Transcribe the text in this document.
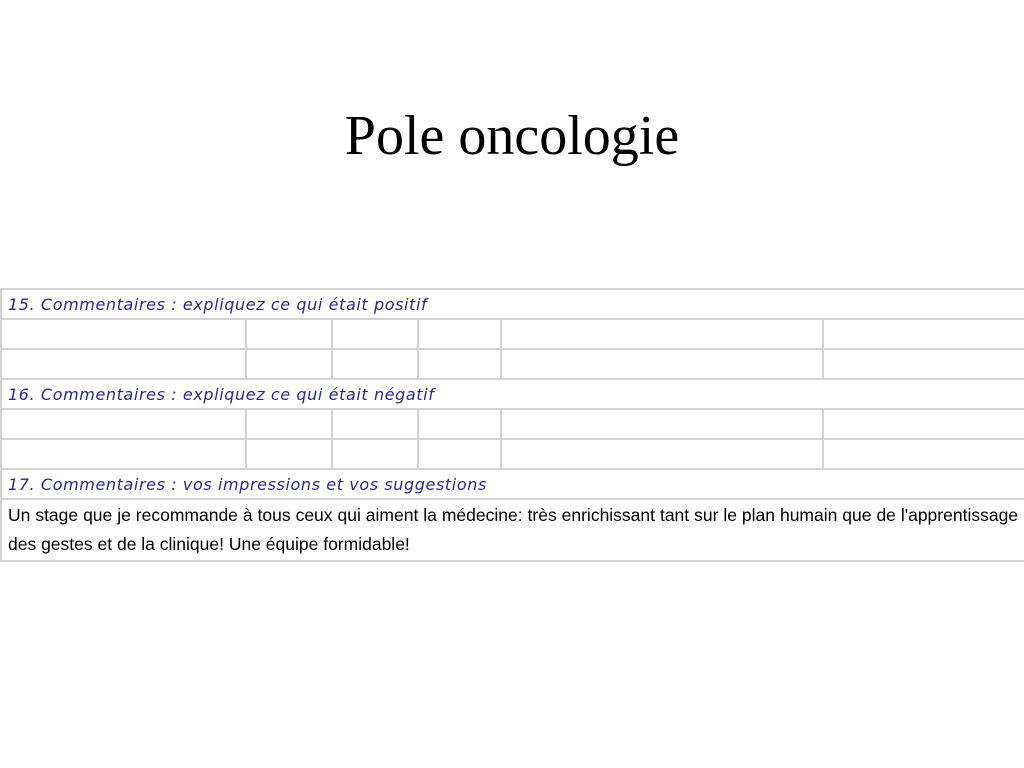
Pole oncologie
15. Commentaires : expliquez ce qui était positif					

16. Commentaires : expliquez ce qui était négatif					

17. Commentaires : vos impressions et vos suggestions					
Un stage que je recommande à tous ceux qui aiment la médecine: très enrichissant tant sur le plan humain que de l'apprentissage des gestes et de la clinique! Une équipe formidable!					
